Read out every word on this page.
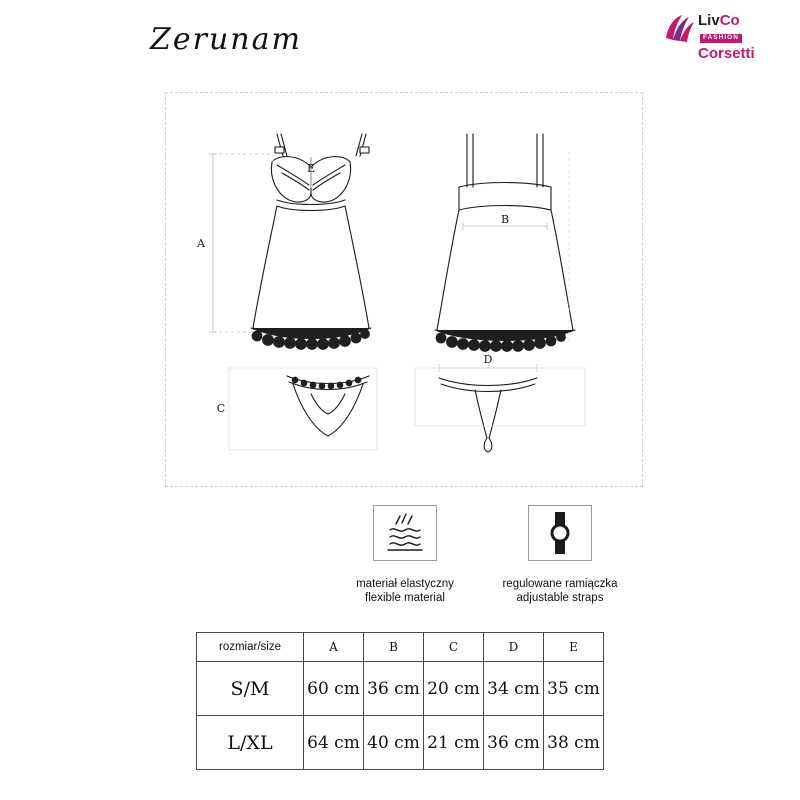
Zerunam
LivCoFASHION
Corsetti
A
B
C
D
E
materiał elastyczny
flexible material
regulowane ramiączka
adjustable straps
rozmiar/size	A	B	C	D	E
S/M	60 cm	36 cm	20 cm	34 cm	35 cm
L/XL	64 cm	40 cm	21 cm	36 cm	38 cm
